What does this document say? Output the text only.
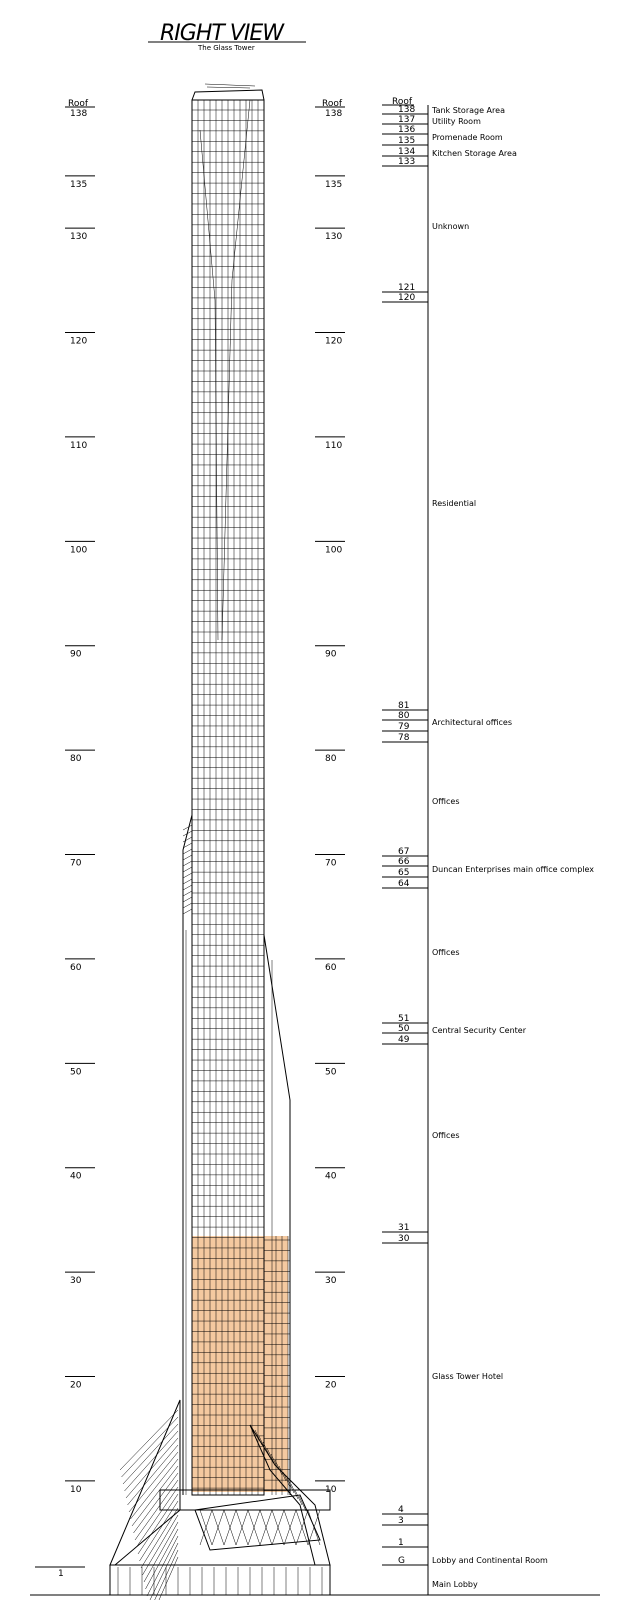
RIGHT VIEW
The Glass Tower
Roof
138
135
130
120
110
100
90
80
70
60
50
40
30
20
10
Roof
138
135
130
120
110
100
90
80
70
60
50
40
30
20
10
1
Roof
138
137
136
135
134
133
121
120
81
80
79
78
67
66
65
64
51
50
49
31
30
4
3
1
G
Tank Storage Area
Utility Room
Promenade Room
Kitchen Storage Area
Unknown
Residential
Architectural offices
Offices
Duncan Enterprises main office complex
Offices
Central Security Center
Offices
Glass Tower Hotel
Lobby and Continental Room
Main Lobby
